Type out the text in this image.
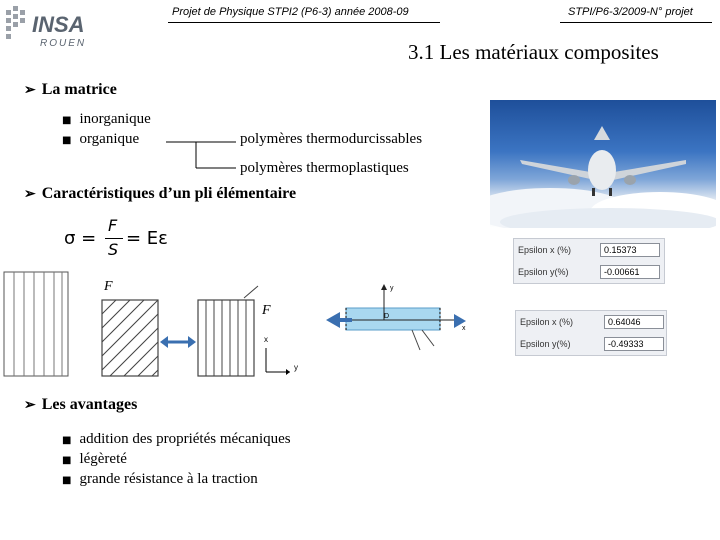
INSA
ROUEN
Projet de Physique STPI2 (P6-3) année 2008-09	STPI/P6-3/2009-N° projet
3.1 Les matériaux composites
➢ La matrice
■ inorganique
■ organique	polymères thermodurcissables
polymères thermoplastiques
➢ Caractéristiques d’un pli élémentaire
σ =
F
S
= Eε
F
F
x
y
D
y
x
Epsilon x (%)	0.15373
Epsilon y(%)	-0.00661
Epsilon x (%)	0.64046
Epsilon y(%)	-0.49333
➢ Les avantages
■ addition des propriétés mécaniques
■ légèreté
■ grande résistance à la traction
